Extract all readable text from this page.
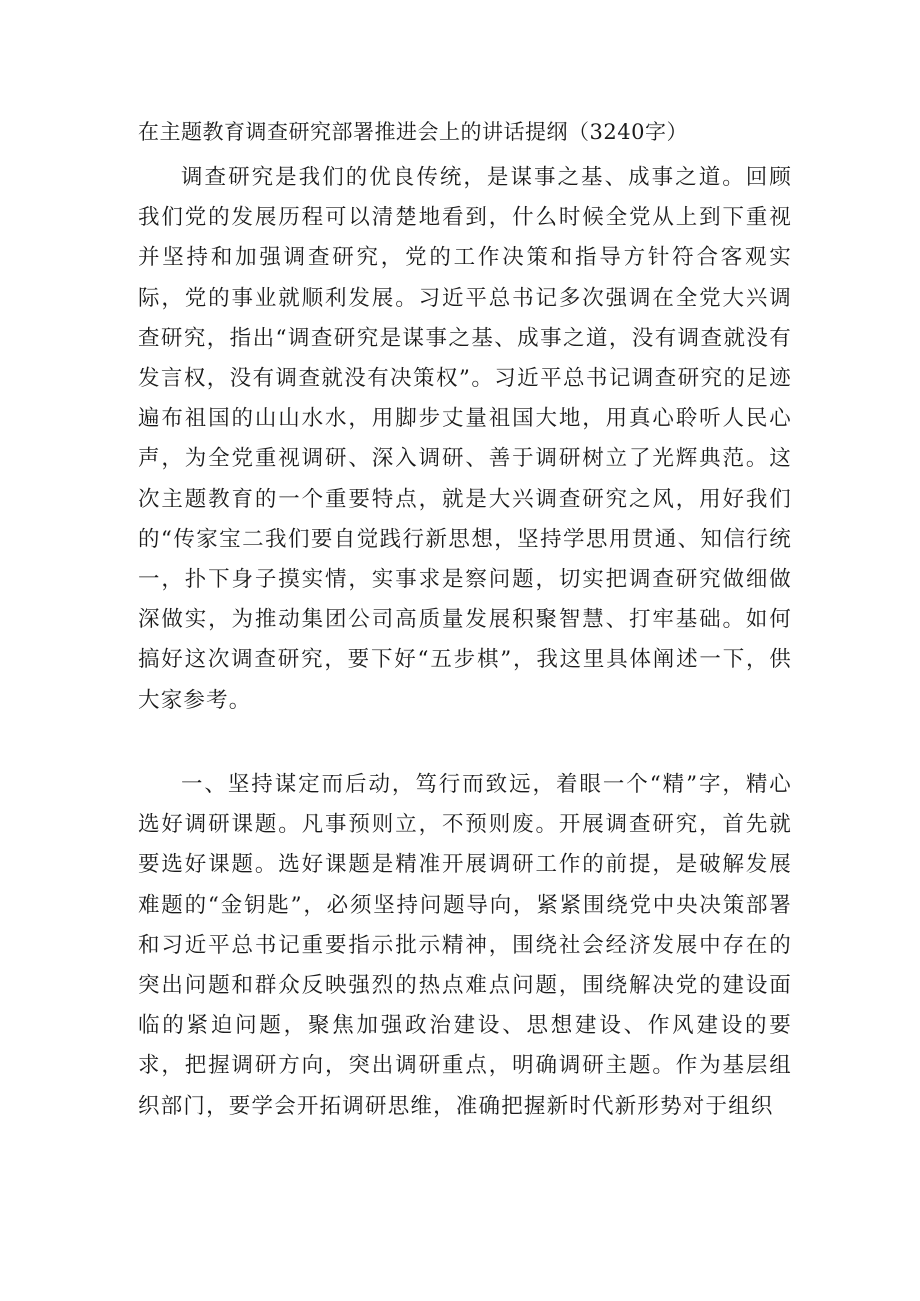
在主题教育调查研究部署推进会上的讲话提纲（3240字）

调查研究是我们的优良传统，是谋事之基、成事之道。回顾我们党的发展历程可以清楚地看到，什么时候全党从上到下重视并坚持和加强调查研究，党的工作决策和指导方针符合客观实际，党的事业就顺利发展。习近平总书记多次强调在全党大兴调查研究，指出“调查研究是谋事之基、成事之道，没有调查就没有发言权，没有调查就没有决策权”。习近平总书记调查研究的足迹遍布祖国的山山水水，用脚步丈量祖国大地，用真心聆听人民心声，为全党重视调研、深入调研、善于调研树立了光辉典范。这次主题教育的一个重要特点，就是大兴调查研究之风，用好我们的“传家宝二我们要自觉践行新思想，坚持学思用贯通、知信行统一，扑下身子摸实情，实事求是察问题，切实把调查研究做细做深做实，为推动集团公司高质量发展积聚智慧、打牢基础。如何搞好这次调查研究，要下好“五步棋”，我这里具体阐述一下，供大家参考。

一、坚持谋定而后动，笃行而致远，着眼一个“精”字，精心选好调研课题。凡事预则立，不预则废。开展调查研究，首先就要选好课题。选好课题是精准开展调研工作的前提，是破解发展难题的“金钥匙”，必须坚持问题导向，紧紧围绕党中央决策部署和习近平总书记重要指示批示精神，围绕社会经济发展中存在的突出问题和群众反映强烈的热点难点问题，围绕解决党的建设面临的紧迫问题，聚焦加强政治建设、思想建设、作风建设的要求，把握调研方向，突出调研重点，明确调研主题。作为基层组织部门，要学会开拓调研思维，准确把握新时代新形势对于组织
